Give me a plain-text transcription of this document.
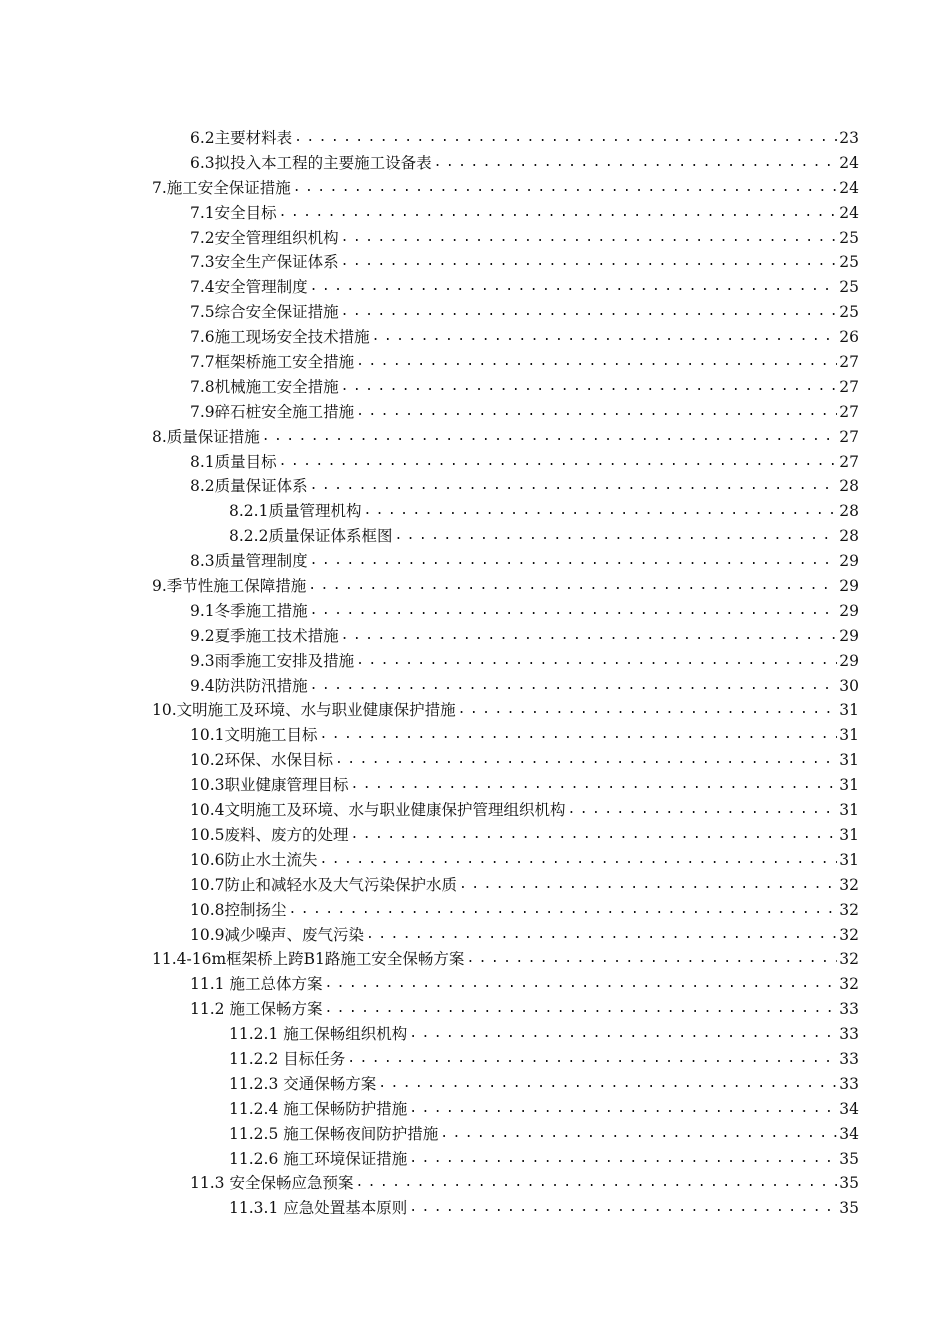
6.2主要材料表 .....	23
6.3拟投入本工程的主要施工设备表 .....	24
7.施工安全保证措施 .....	24
7.1安全目标 .....	24
7.2安全管理组织机构 .....	25
7.3安全生产保证体系 .....	25
7.4安全管理制度 .....	25
7.5综合安全保证措施 .....	25
7.6施工现场安全技术措施 .....	26
7.7框架桥施工安全措施 .....	27
7.8机械施工安全措施 .....	27
7.9碎石桩安全施工措施 .....	27
8.质量保证措施 .....	27
8.1质量目标 .....	27
8.2质量保证体系 .....	28
8.2.1质量管理机构 .....	28
8.2.2质量保证体系框图 .....	28
8.3质量管理制度 .....	29
9.季节性施工保障措施 .....	29
9.1冬季施工措施 .....	29
9.2夏季施工技术措施 .....	29
9.3雨季施工安排及措施 .....	29
9.4防洪防汛措施 .....	30
10.文明施工及环境、水与职业健康保护措施 .....	31
10.1文明施工目标 .....	31
10.2环保、水保目标 .....	31
10.3职业健康管理目标 .....	31
10.4文明施工及环境、水与职业健康保护管理组织机构 .....	31
10.5废料、废方的处理 .....	31
10.6防止水土流失 .....	31
10.7防止和减轻水及大气污染保护水质 .....	32
10.8控制扬尘 .....	32
10.9减少噪声、废气污染 .....	32
11.4-16m框架桥上跨B1路施工安全保畅方案 .....	32
11.1 施工总体方案 .....	32
11.2 施工保畅方案 .....	33
11.2.1 施工保畅组织机构 .....	33
11.2.2 目标任务 .....	33
11.2.3 交通保畅方案 .....	33
11.2.4 施工保畅防护措施 .....	34
11.2.5 施工保畅夜间防护措施 .....	34
11.2.6 施工环境保证措施 .....	35
11.3 安全保畅应急预案 .....	35
11.3.1 应急处置基本原则 .....	35
